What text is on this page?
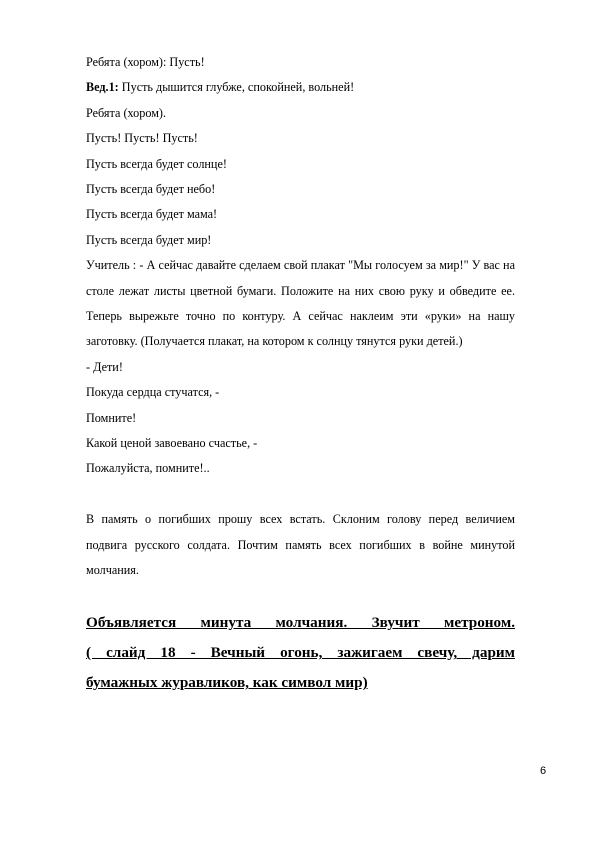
Ребята (хором): Пусть!
Вед.1: Пусть дышится глубже, спокойней, вольней!
Ребята (хором).
Пусть! Пусть! Пусть!
Пусть всегда будет солнце!
Пусть всегда будет небо!
Пусть всегда будет мама!
Пусть всегда будет мир!

Учитель : - А сейчас давайте сделаем свой плакат "Мы голосуем за мир!" У вас на столе лежат листы цветной бумаги. Положите на них свою руку и обведите ее. Теперь вырежьте точно по контуру. А сейчас наклеим эти «руки» на нашу заготовку. (Получается плакат, на котором к солнцу тянутся руки детей.)

- Дети!
Покуда сердца стучатся, -
Помните!
Какой ценой завоевано счастье, -
Пожалуйста, помните!..

В память о погибших прошу всех встать. Склоним голову перед величием подвига русского солдата. Почтим память всех погибших в войне минутой молчания.

Объявляется минута молчания. Звучит метроном.
( слайд 18 - Вечный огонь, зажигаем свечу, дарим
бумажных журавликов, как символ мир)
6
